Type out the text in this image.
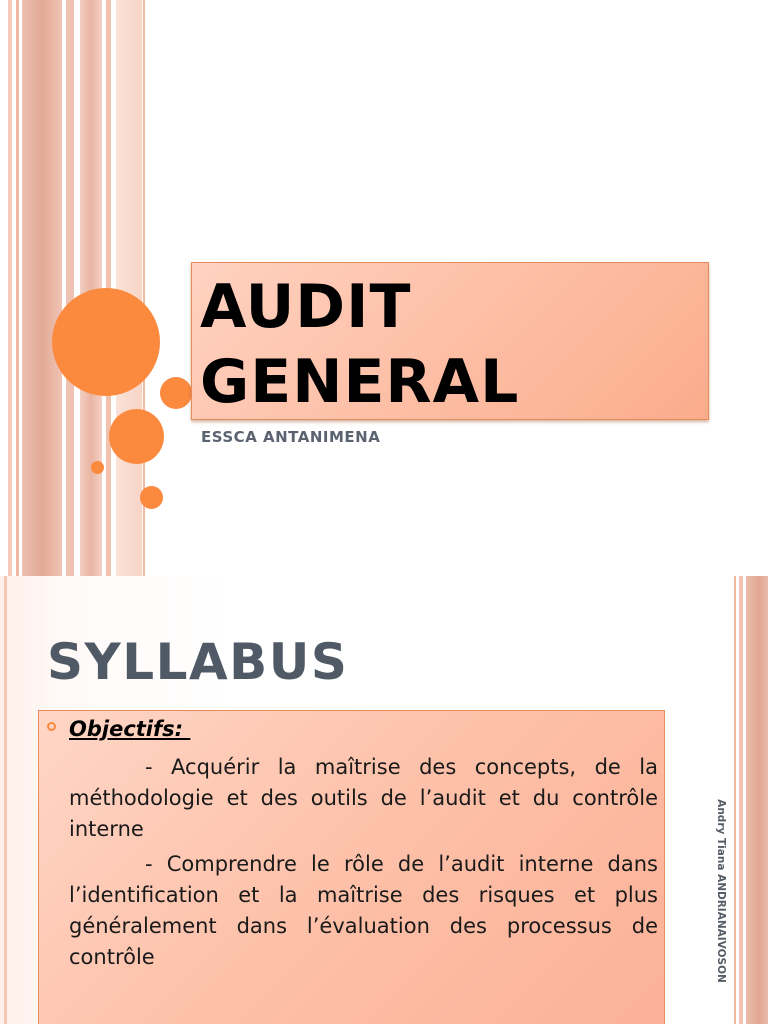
AUDIT
GENERAL
ESSCA ANTANIMENA
SYLLABUS
Objectifs:

- Acquérir la maîtrise des concepts, de la méthodologie et des outils de l’audit et du contrôle interne

- Comprendre le rôle de l’audit interne dans l’identification et la maîtrise des risques et plus généralement dans l’évaluation des processus de contrôle	Andry Tiana ANDRIANAIVOSON
